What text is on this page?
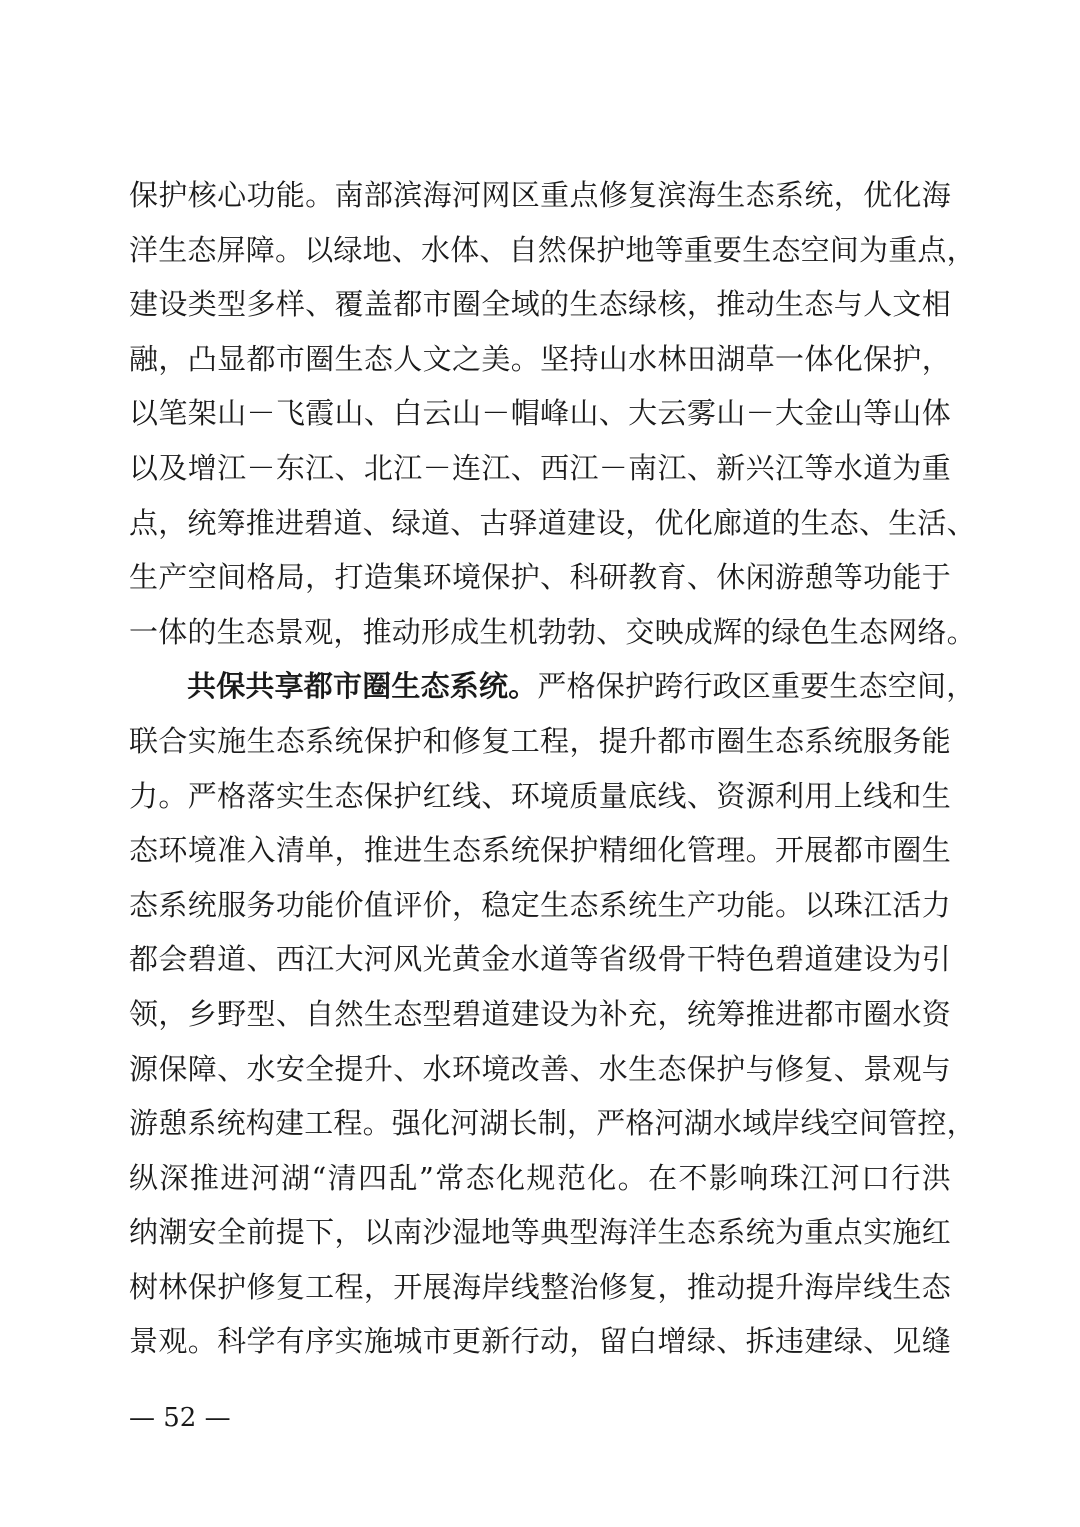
保护核心功能。南部滨海河网区重点修复滨海生态系统，优化海
洋生态屏障。以绿地、水体、自然保护地等重要生态空间为重点，
建设类型多样、覆盖都市圈全域的生态绿核，推动生态与人文相
融，凸显都市圈生态人文之美。坚持山水林田湖草一体化保护，
以笔架山－飞霞山、白云山－帽峰山、大云雾山－大金山等山体
以及增江－东江、北江－连江、西江－南江、新兴江等水道为重
点，统筹推进碧道、绿道、古驿道建设，优化廊道的生态、生活、
生产空间格局，打造集环境保护、科研教育、休闲游憩等功能于
一体的生态景观，推动形成生机勃勃、交映成辉的绿色生态网络。
共保共享都市圈生态系统。严格保护跨行政区重要生态空间，
联合实施生态系统保护和修复工程，提升都市圈生态系统服务能
力。严格落实生态保护红线、环境质量底线、资源利用上线和生
态环境准入清单，推进生态系统保护精细化管理。开展都市圈生
态系统服务功能价值评价，稳定生态系统生产功能。以珠江活力
都会碧道、西江大河风光黄金水道等省级骨干特色碧道建设为引
领，乡野型、自然生态型碧道建设为补充，统筹推进都市圈水资
源保障、水安全提升、水环境改善、水生态保护与修复、景观与
游憩系统构建工程。强化河湖长制，严格河湖水域岸线空间管控，
纵深推进河湖“清四乱”常态化规范化。在不影响珠江河口行洪
纳潮安全前提下，以南沙湿地等典型海洋生态系统为重点实施红
树林保护修复工程，开展海岸线整治修复，推动提升海岸线生态
景观。科学有序实施城市更新行动，留白增绿、拆违建绿、见缝
— 52 —
